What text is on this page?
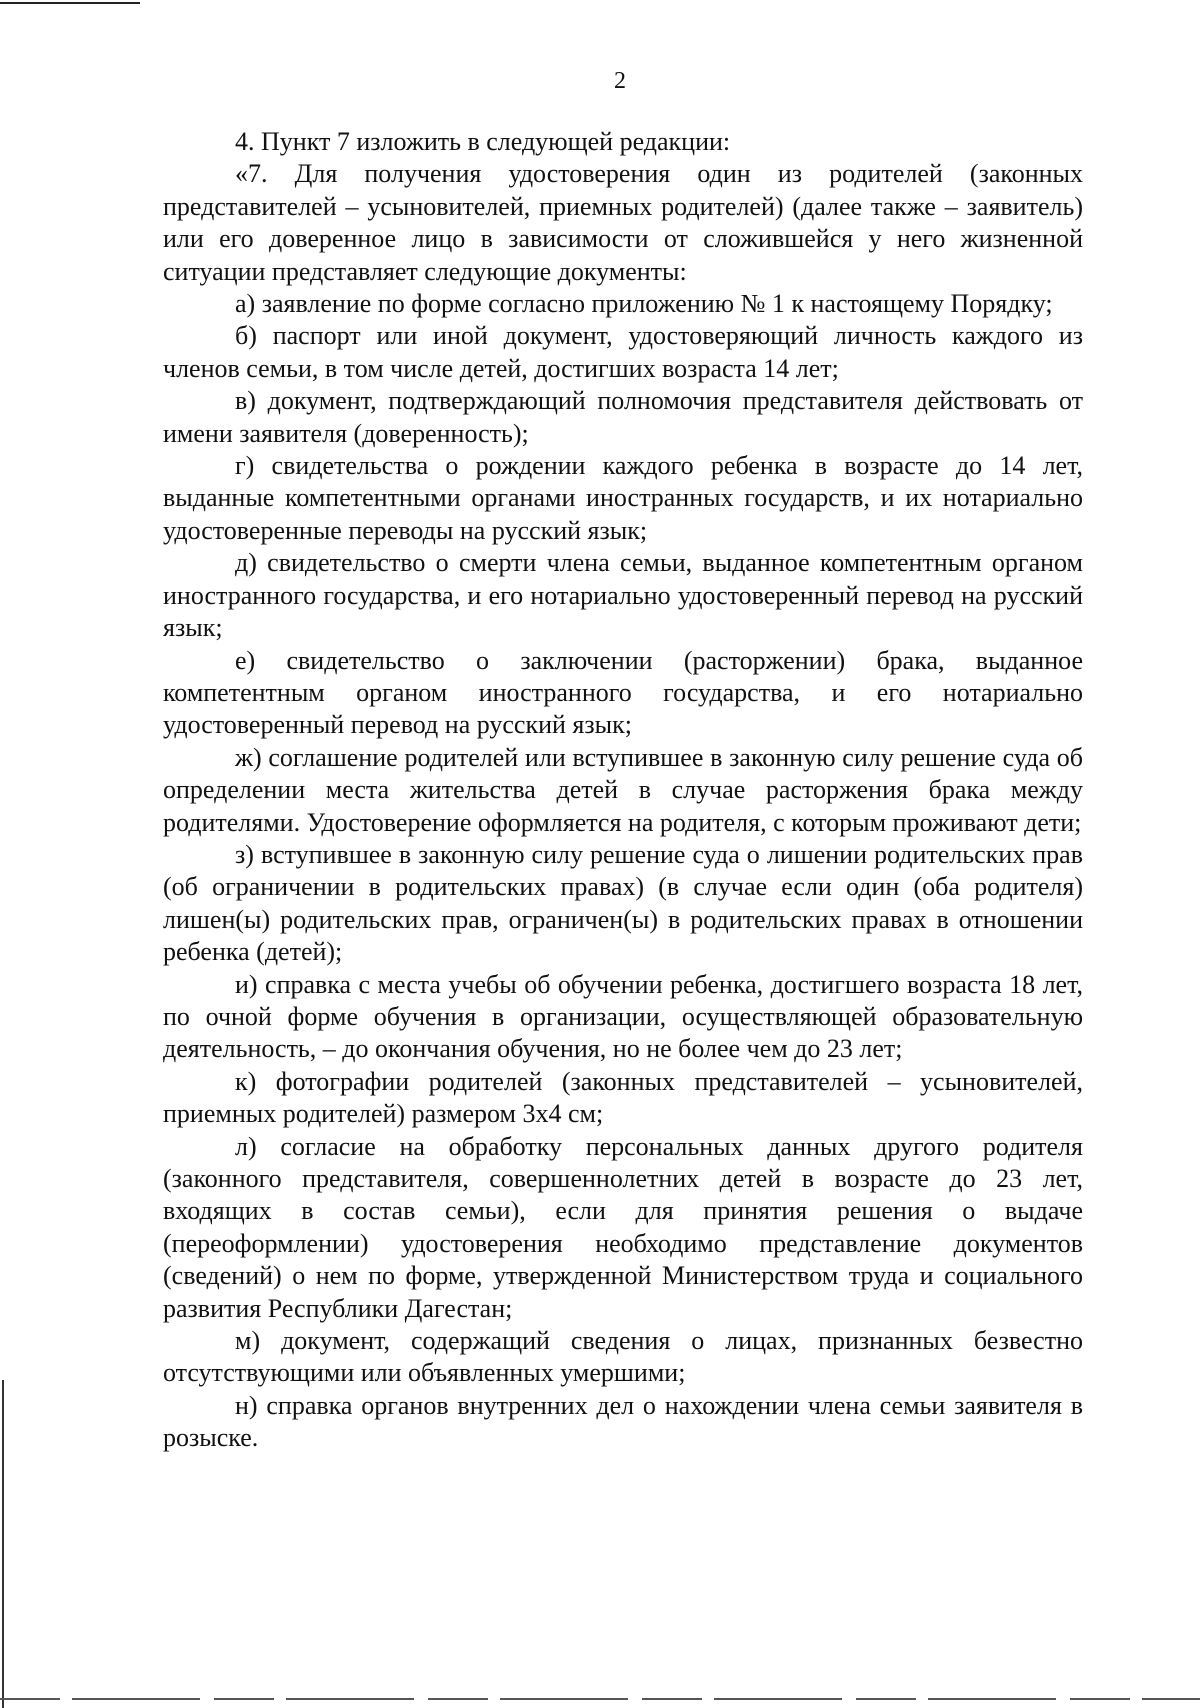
2

4. Пункт 7 изложить в следующей редакции:

«7. Для получения удостоверения один из родителей (законных представителей – усыновителей, приемных родителей) (далее также – заявитель) или его доверенное лицо в зависимости от сложившейся у него жизненной ситуации представляет следующие документы:

а) заявление по форме согласно приложению № 1 к настоящему Порядку;

б) паспорт или иной документ, удостоверяющий личность каждого из членов семьи, в том числе детей, достигших возраста 14 лет;

в) документ, подтверждающий полномочия представителя действовать от имени заявителя (доверенность);

г) свидетельства о рождении каждого ребенка в возрасте до 14 лет, выданные компетентными органами иностранных государств, и их нотариально удостоверенные переводы на русский язык;

д) свидетельство о смерти члена семьи, выданное компетентным органом иностранного государства, и его нотариально удостоверенный перевод на русский язык;

е) свидетельство о заключении (расторжении) брака, выданное компетентным органом иностранного государства, и его нотариально удостоверенный перевод на русский язык;

ж) соглашение родителей или вступившее в законную силу решение суда об определении места жительства детей в случае расторжения брака между родителями. Удостоверение оформляется на родителя, с которым проживают дети;

з) вступившее в законную силу решение суда о лишении родительских прав (об ограничении в родительских правах) (в случае если один (оба родителя) лишен(ы) родительских прав, ограничен(ы) в родительских правах в отношении ребенка (детей);

и) справка с места учебы об обучении ребенка, достигшего возраста 18 лет, по очной форме обучения в организации, осуществляющей образовательную деятельность, – до окончания обучения, но не более чем до 23 лет;

к) фотографии родителей (законных представителей – усыновителей, приемных родителей) размером 3х4 см;

л) согласие на обработку персональных данных другого родителя (законного представителя, совершеннолетних детей в возрасте до 23 лет, входящих в состав семьи), если для принятия решения о выдаче (переоформлении) удостоверения необходимо представление документов (сведений) о нем по форме, утвержденной Министерством труда и социального развития Республики Дагестан;

м) документ, содержащий сведения о лицах, признанных безвестно отсутствующими или объявленных умершими;

н) справка органов внутренних дел о нахождении члена семьи заявителя в розыске.
